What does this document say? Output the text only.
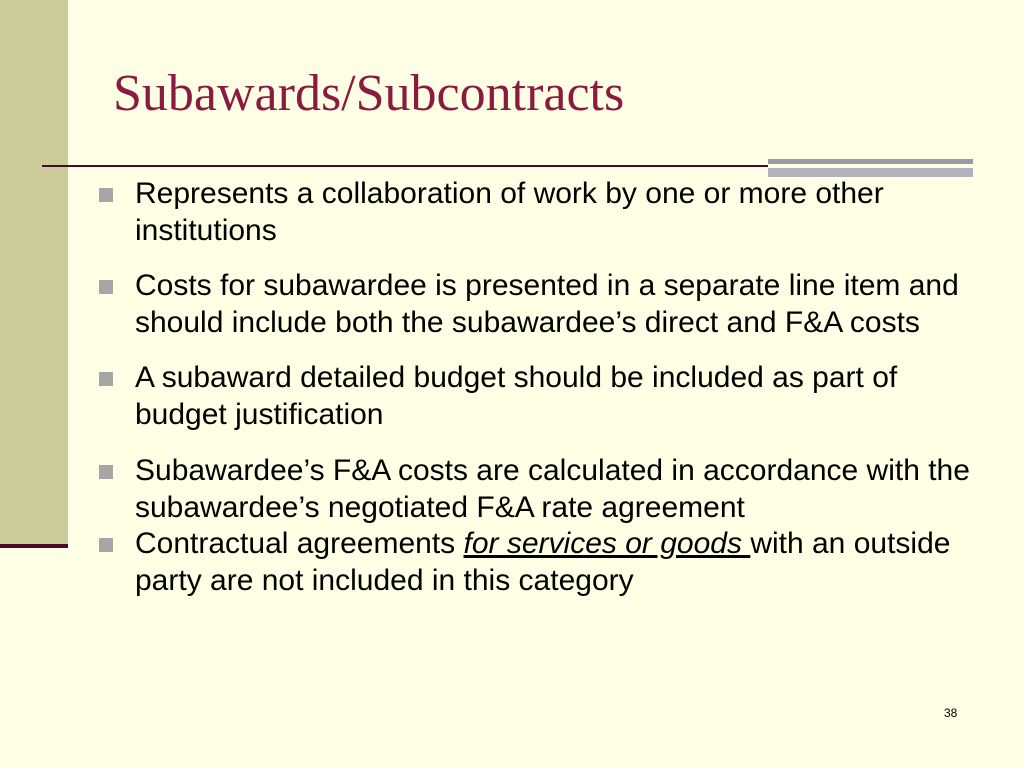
Subawards/Subcontracts
Represents a collaboration of work by one or more other institutions
Costs for subawardee is presented in a separate line item and should include both the subawardee’s direct and F&A costs
A subaward detailed budget should be included as part of budget justification
Subawardee’s F&A costs are calculated in accordance with the subawardee’s negotiated F&A rate agreement
Contractual agreements for services or goods with an outside party are not included in this category
38
